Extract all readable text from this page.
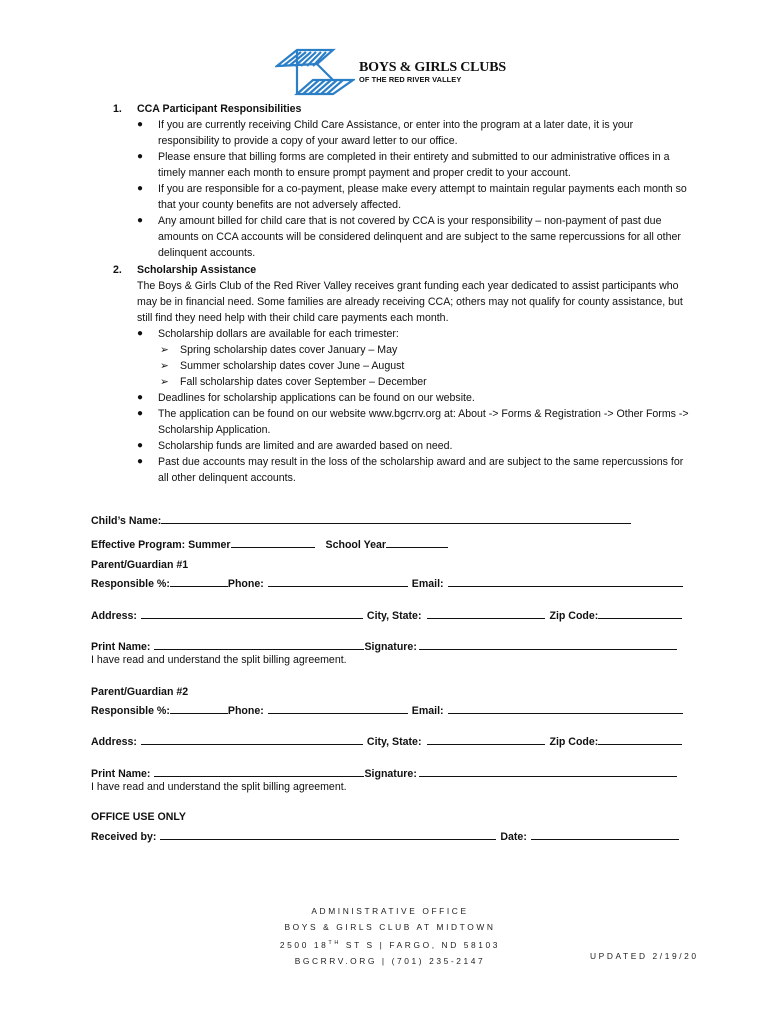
BOYS & GIRLS CLUBS
OF THE RED RIVER VALLEY
1. CCA Participant Responsibilities
● If you are currently receiving Child Care Assistance, or enter into the program at a later date, it is your responsibility to provide a copy of your award letter to our office.
● Please ensure that billing forms are completed in their entirety and submitted to our administrative offices in a timely manner each month to ensure prompt payment and proper credit to your account.
● If you are responsible for a co-payment, please make every attempt to maintain regular payments each month so that your county benefits are not adversely affected.
● Any amount billed for child care that is not covered by CCA is your responsibility – non-payment of past due amounts on CCA accounts will be considered delinquent and are subject to the same repercussions for all other delinquent accounts.
2. Scholarship Assistance
The Boys & Girls Club of the Red River Valley receives grant funding each year dedicated to assist participants who may be in financial need. Some families are already receiving CCA; others may not qualify for county assistance, but still find they need help with their child care payments each month.
● Scholarship dollars are available for each trimester:
➢ Spring scholarship dates cover January – May
➢ Summer scholarship dates cover June – August
➢ Fall scholarship dates cover September – December
● Deadlines for scholarship applications can be found on our website.
● The application can be found on our website www.bgcrrv.org at: About -> Forms & Registration -> Other Forms -> Scholarship Application.
● Scholarship funds are limited and are awarded based on need.
● Past due accounts may result in the loss of the scholarship award and are subject to the same repercussions for all other delinquent accounts.
Child’s Name:
Effective Program: Summer	School Year
Parent/Guardian #1
Responsible %:	Phone:	Email:
Address:	City, State:	Zip Code:
Print Name:	Signature:
I have read and understand the split billing agreement.
Parent/Guardian #2
Responsible %:	Phone:	Email:
Address:	City, State:	Zip Code:
Print Name:	Signature:
I have read and understand the split billing agreement.
OFFICE USE ONLY
Received by:	Date:
ADMINISTRATIVE OFFICE
BOYS & GIRLS CLUB AT MIDTOWN
2500 18TH ST S | FARGO, ND 58103
BGCRRV.ORG | (701) 235-2147	UPDATED 2/19/20
